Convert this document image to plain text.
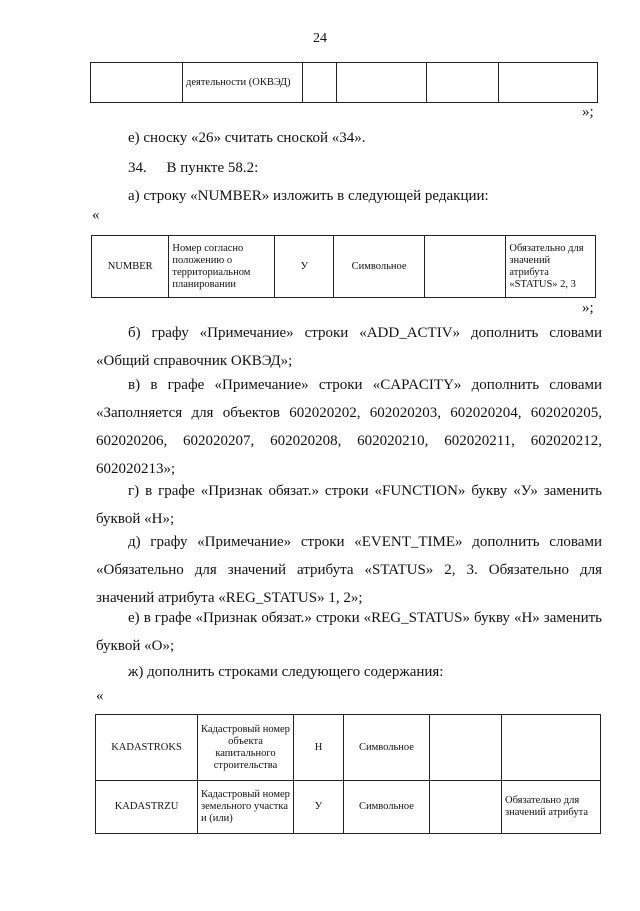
24
	деятельности (ОКВЭД)				
»;
е) сноску «26» считать сноской «34».
34. В пункте 58.2:
а) строку «NUMBER» изложить в следующей редакции:
«
NUMBER	Номер согласно положению о территориальном планировании	У	Символьное		Обязательно для значений атрибута «STATUS» 2, 3
»;
б) графу «Примечание» строки «ADD_ACTIV» дополнить словами «Общий справочник ОКВЭД»;
в) в графе «Примечание» строки «CAPACITY» дополнить словами «Заполняется для объектов 602020202, 602020203, 602020204, 602020205, 602020206, 602020207, 602020208, 602020210, 602020211, 602020212, 602020213»;
г) в графе «Признак обязат.» строки «FUNCTION» букву «У» заменить буквой «Н»;
д) графу «Примечание» строки «EVENT_TIME» дополнить словами «Обязательно для значений атрибута «STATUS» 2, 3. Обязательно для значений атрибута «REG_STATUS» 1, 2»;
е) в графе «Признак обязат.» строки «REG_STATUS» букву «Н» заменить буквой «О»;
ж) дополнить строками следующего содержания:
«
KADASTROKS	Кадастровый номер объекта капитального строительства	Н	Символьное		
KADASTRZU	Кадастровый номер земельного участка и (или)	У	Символьное		Обязательно для значений атрибута
